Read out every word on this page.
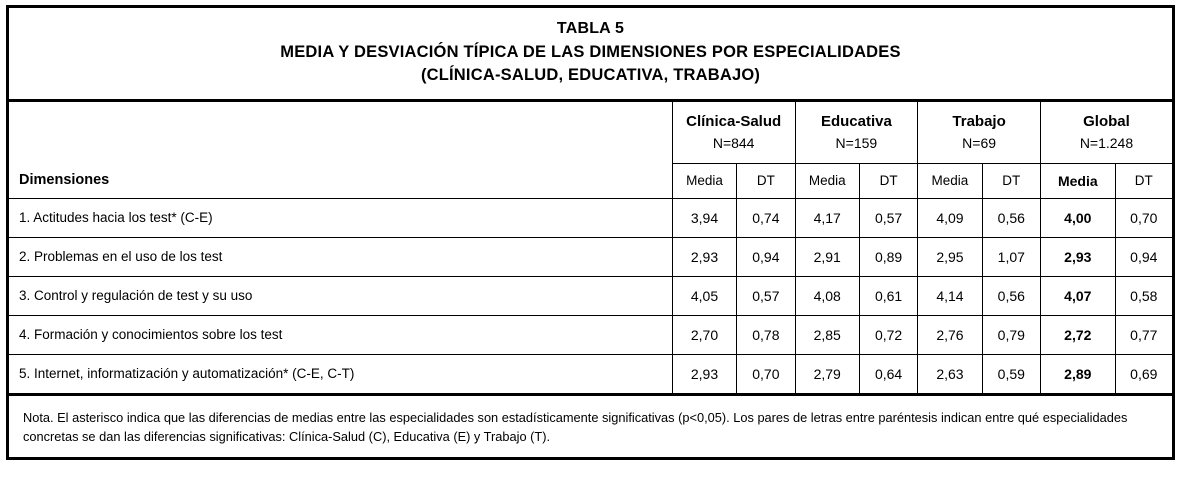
TABLA 5
MEDIA Y DESVIACIÓN TÍPICA DE LAS DIMENSIONES POR ESPECIALIDADES
(CLÍNICA-SALUD, EDUCATIVA, TRABAJO)								

	Clínica-Salud		Educativa		Trabajo		Global	
	N=844		N=159		N=69		N=1.248	
Dimensiones	Media	DT	Media	DT	Media	DT	Media	DT
1. Actitudes hacia los test* (C-E)	3,94	0,74	4,17	0,57	4,09	0,56	4,00	0,70
2. Problemas en el uso de los test	2,93	0,94	2,91	0,89	2,95	1,07	2,93	0,94
3. Control y regulación de test y su uso	4,05	0,57	4,08	0,61	4,14	0,56	4,07	0,58
4. Formación y conocimientos sobre los test	2,70	0,78	2,85	0,72	2,76	0,79	2,72	0,77
5. Internet, informatización y automatización* (C-E, C-T)	2,93	0,70	2,79	0,64	2,63	0,59	2,89	0,69
Nota. El asterisco indica que las diferencias de medias entre las especialidades son estadísticamente significativas (p<0,05). Los pares de letras entre paréntesis indican entre qué especialidades concretas se dan las diferencias significativas: Clínica-Salud (C), Educativa (E) y Trabajo (T).								
